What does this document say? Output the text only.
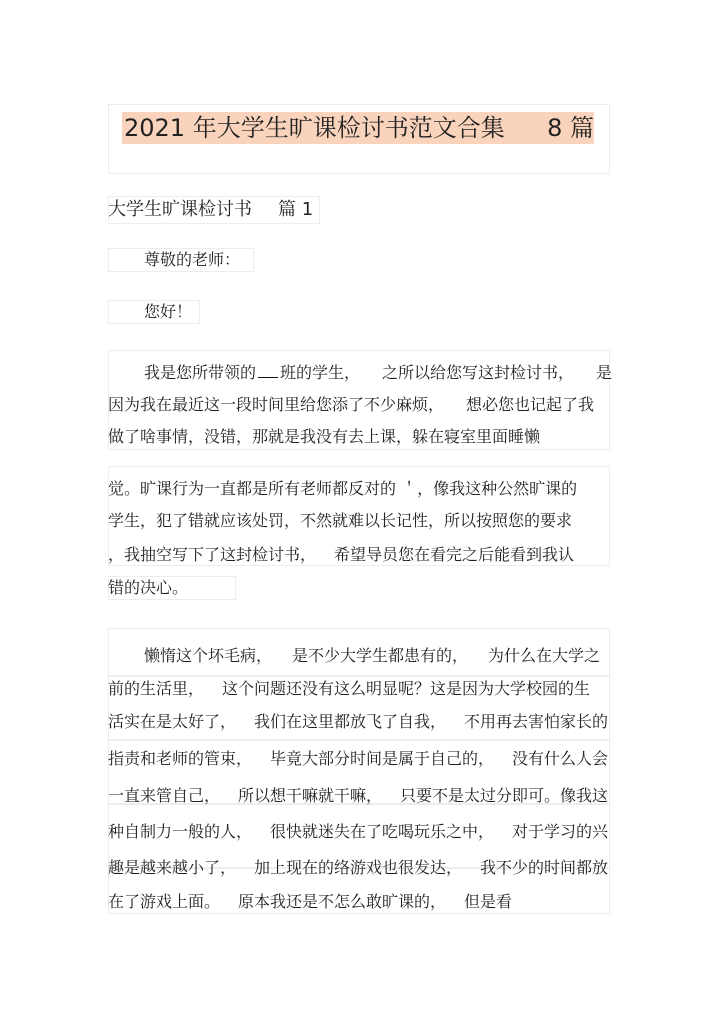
2021 年大学生旷课检讨书范文合集 8 篇
大学生旷课检讨书 篇 1
尊敬的老师：
您好！
我是您所带领的 班的学生， 之所以给您写这封检讨书， 是
因为我在最近这一段时间里给您添了不少麻烦， 想必您也记起了我
做了啥事情，没错，那就是我没有去上课，躲在寝室里面睡懒
觉。旷课行为一直都是所有老师都反对的 ＇，像我这种公然旷课的
学生，犯了错就应该处罚，不然就难以长记性，所以按照您的要求
，我抽空写下了这封检讨书， 希望导员您在看完之后能看到我认
错的决心。
懒惰这个坏毛病， 是不少大学生都患有的， 为什么在大学之
前的生活里， 这个问题还没有这么明显呢？这是因为大学校园的生
活实在是太好了， 我们在这里都放飞了自我， 不用再去害怕家长的
指责和老师的管束， 毕竟大部分时间是属于自己的， 没有什么人会
一直来管自己， 所以想干嘛就干嘛， 只要不是太过分即可。像我这
种自制力一般的人， 很快就迷失在了吃喝玩乐之中， 对于学习的兴
趣是越来越小了， 加上现在的络游戏也很发达， 我不少的时间都放
在了游戏上面。 原本我还是不怎么敢旷课的， 但是看
